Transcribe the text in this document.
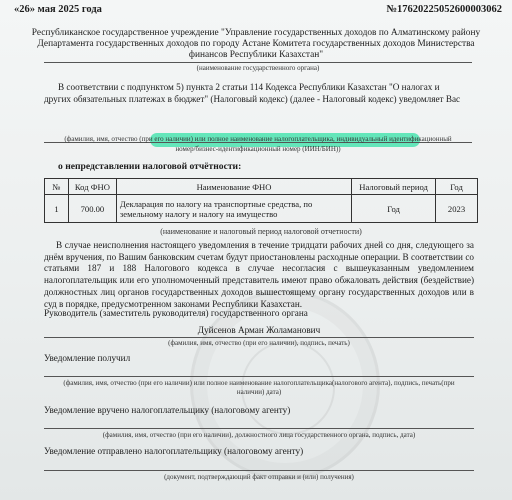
«26» мая 2025 года	№17620225052600003062
Республиканское государственное учреждение "Управление государственных доходов по Алматинскому району Департамента государственных доходов по городу Астане Комитета государственных доходов Министерства финансов Республики Казахстан"
(наименование государственного органа)
В соответствии с подпунктом 5) пункта 2 статьи 114 Кодекса Республики Казахстан "О налогах и
других обязательных платежах в бюджет" (Налоговый кодекс) (далее - Налоговый кодекс) уведомляет Вас
(фамилия, имя, отчество (при его наличии) или полное наименование налогоплательщика, индивидуальный идентификационный
номер/бизнес-идентификационный номер (ИИН/БИН))
о непредставлении налоговой отчётности:
№	Код ФНО	Наименование ФНО	Налоговый период	Год
1	700.00	Декларация по налогу на транспортные средства, по земельному налогу и налогу на имущество	Год	2023
(наименование и налоговый период налоговой отчетности)
В случае неисполнения настоящего уведомления в течение тридцати рабочих дней со дня, следующего за днём вручения, по Вашим банковским счетам будут приостановлены расходные операции. В соответствии со статьями 187 и 188 Налогового кодекса в случае несогласия с вышеуказанным уведомлением налогоплательщик или его уполномоченный представитель имеют право обжаловать действия (бездействие) должностных лиц органов государственных доходов вышестоящему органу государственных доходов или в суд в порядке, предусмотренном законами Республики Казахстан.
Руководитель (заместитель руководителя) государственного органа
Дуйсенов Арман Жоламанович
(фамилия, имя, отчество (при его наличии), подпись, печать)
Уведомление получил
(фамилия, имя, отчество (при его наличии) или полное наименование налогоплательщика(налогового агента), подпись, печать(при
наличии) дата)
Уведомление вручено налогоплательщику (налоговому агенту)
(фамилия, имя, отчество (при его наличии), должностного лица государственного органа, подпись, дата)
Уведомление отправлено налогоплательщику (налоговому агенту)
(документ, подтверждающий факт отправки и (или) получения)
